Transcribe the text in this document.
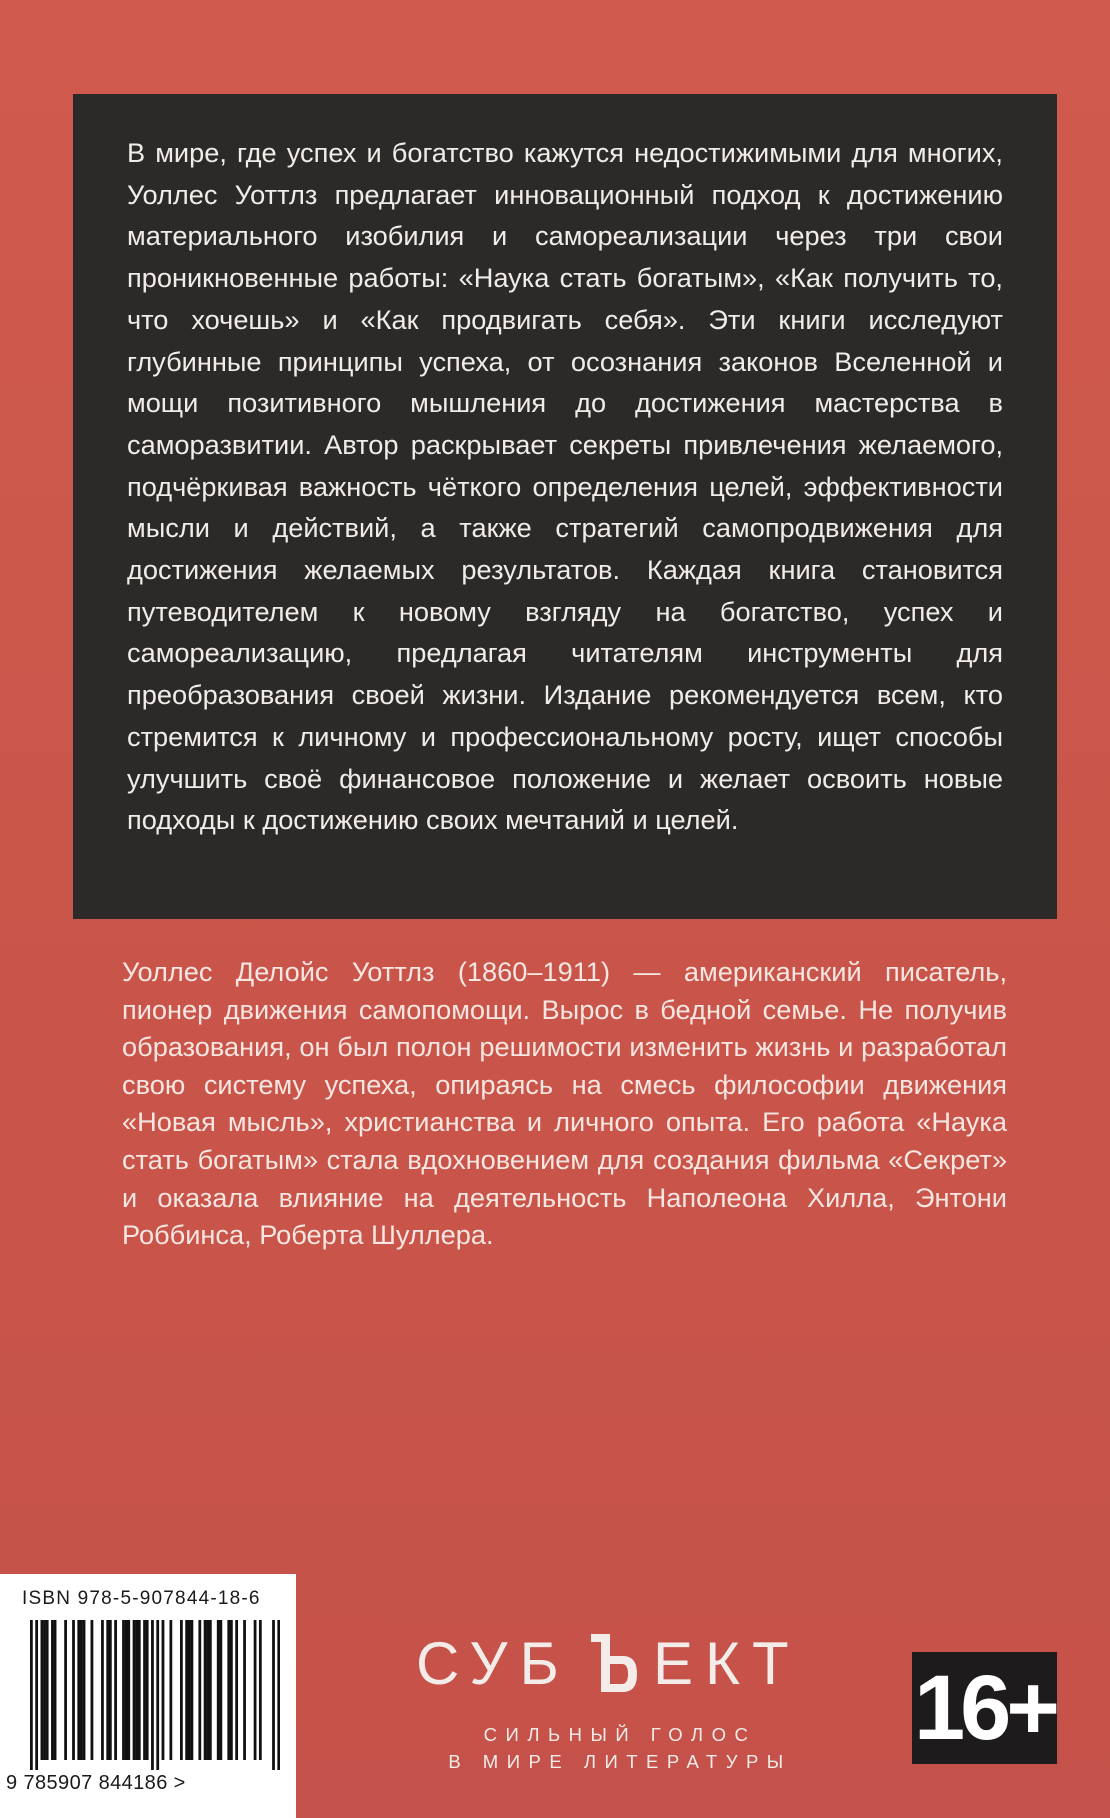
В мире, где успех и богатство кажутся недостижимыми для многих, Уоллес Уоттлз предлагает инновационный подход к достижению материального изобилия и самореализации через три свои проникновенные работы: «Наука стать богатым», «Как получить то, что хочешь» и «Как продвигать себя». Эти книги исследуют глубинные принципы успеха, от осознания законов Вселенной и мощи позитивного мышления до достижения мастерства в саморазвитии. Автор раскрывает секреты привлечения желаемого, подчёркивая важность чёткого определения целей, эффективности мысли и действий, а также стратегий самопродвижения для достижения желаемых результатов. Каждая книга становится путеводителем к новому взгляду на богатство, успех и самореализацию, предлагая читателям инструменты для преобразования своей жизни. Издание рекомендуется всем, кто стремится к личному и профессиональному росту, ищет способы улучшить своё финансовое положение и желает освоить новые подходы к достижению своих мечтаний и целей.

Уоллес Делойс Уоттлз (1860–1911) — американский писатель, пионер движения самопомощи. Вырос в бедной семье. Не получив образования, он был полон решимости изменить жизнь и разработал свою систему успеха, опираясь на смесь философии движения «Новая мысль», христианства и личного опыта. Его работа «Наука стать богатым» стала вдохновением для создания фильма «Секрет» и оказала влияние на деятельность Наполеона Хилла, Энтони Роббинса, Роберта Шуллера.

ISBN 978-5-907844-18-6

9 785907 844186 >

СУБ ЕКТ

СИЛЬНЫЙ ГОЛОС

В МИРЕ ЛИТЕРАТУРЫ

16+
